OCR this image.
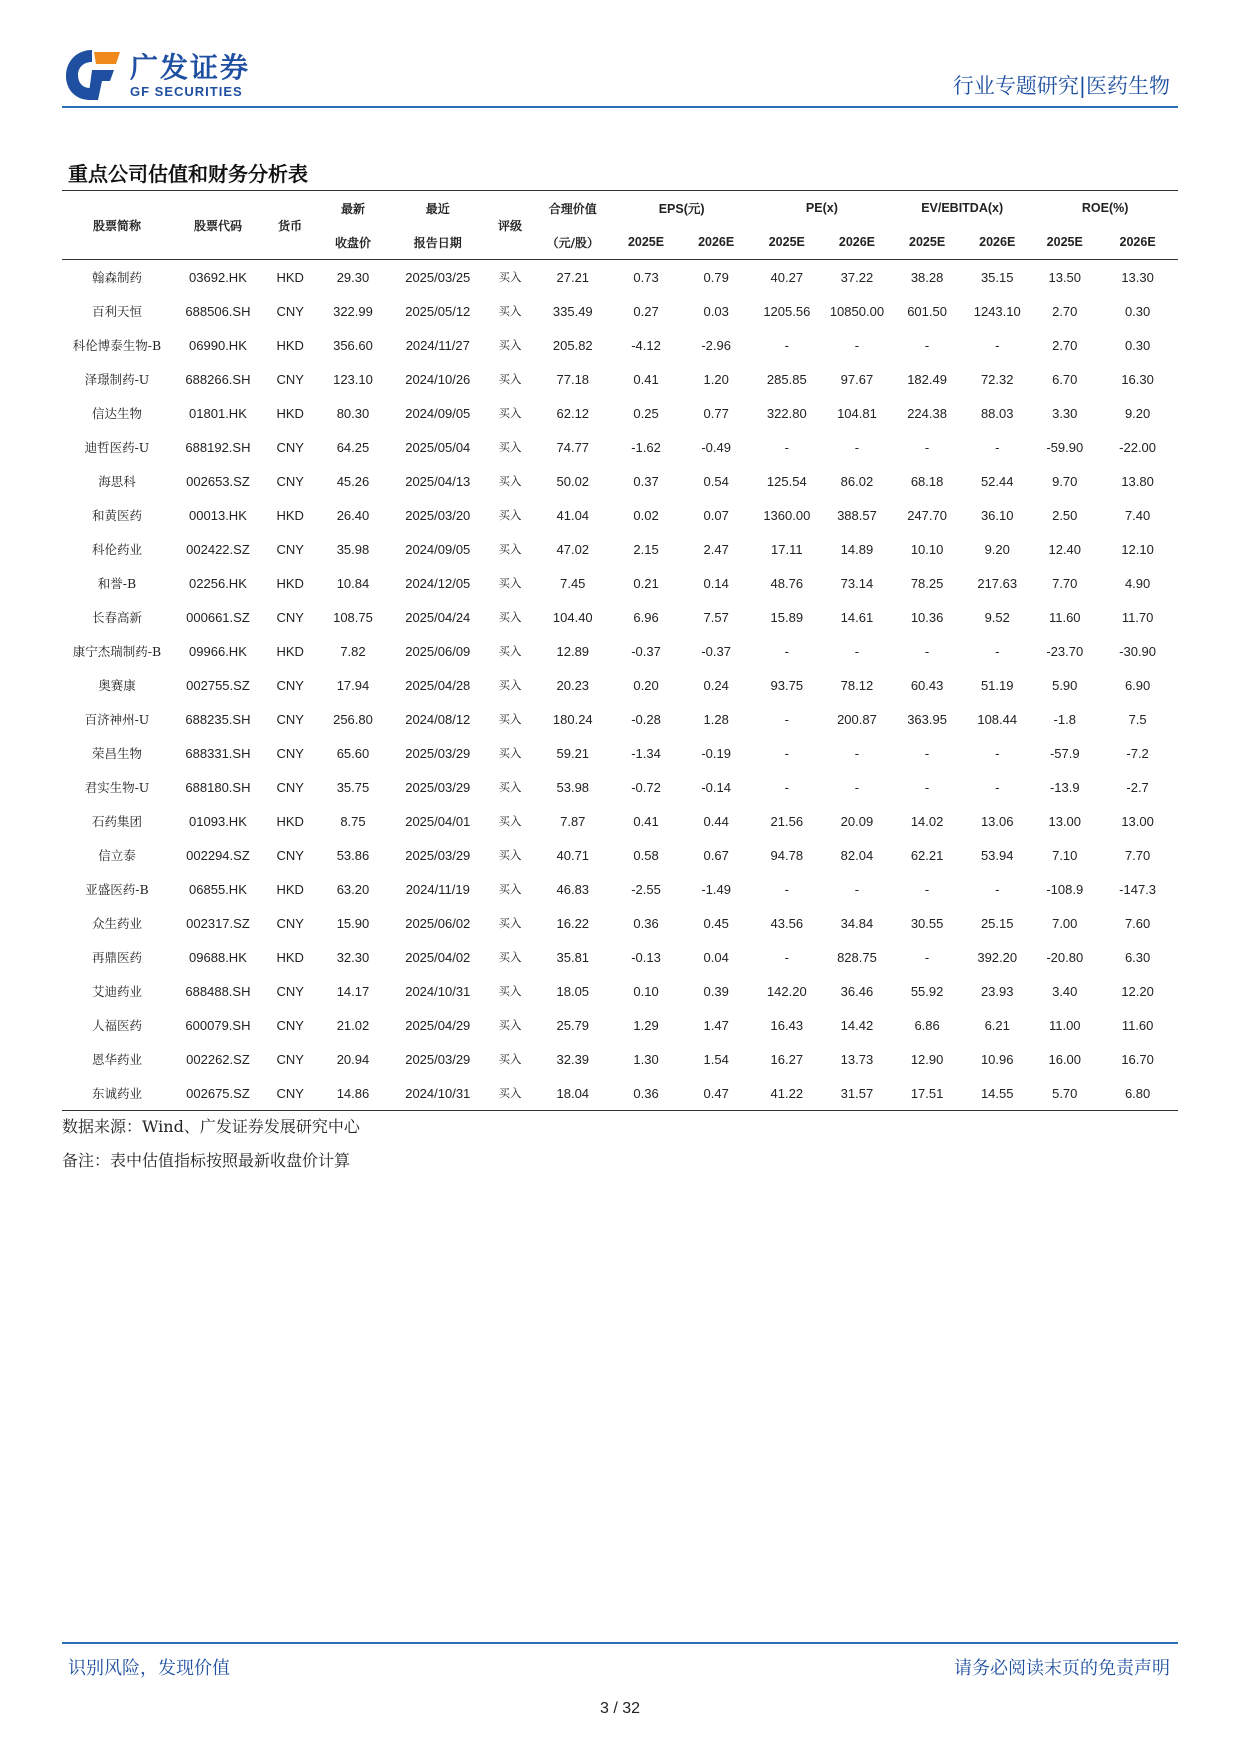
广发证券
GF SECURITIES	行业专题研究|医药生物
重点公司估值和财务分析表
股票简称	股票代码	货币	最新	最近	评级	合理价值	EPS(元)		PE(x)		EV/EBITDA(x)		ROE(%)	
			收盘价	报告日期		（元/股）	2025E	2026E	2025E	2026E	2025E	2026E	2025E	2026E
翰森制药	03692.HK	HKD	29.30	2025/03/25	买入	27.21	0.73	0.79	40.27	37.22	38.28	35.15	13.50	13.30
百利天恒	688506.SH	CNY	322.99	2025/05/12	买入	335.49	0.27	0.03	1205.56	10850.00	601.50	1243.10	2.70	0.30
科伦博泰生物-B	06990.HK	HKD	356.60	2024/11/27	买入	205.82	-4.12	-2.96	-	-	-	-	2.70	0.30
泽璟制药-U	688266.SH	CNY	123.10	2024/10/26	买入	77.18	0.41	1.20	285.85	97.67	182.49	72.32	6.70	16.30
信达生物	01801.HK	HKD	80.30	2024/09/05	买入	62.12	0.25	0.77	322.80	104.81	224.38	88.03	3.30	9.20
迪哲医药-U	688192.SH	CNY	64.25	2025/05/04	买入	74.77	-1.62	-0.49	-	-	-	-	-59.90	-22.00
海思科	002653.SZ	CNY	45.26	2025/04/13	买入	50.02	0.37	0.54	125.54	86.02	68.18	52.44	9.70	13.80
和黄医药	00013.HK	HKD	26.40	2025/03/20	买入	41.04	0.02	0.07	1360.00	388.57	247.70	36.10	2.50	7.40
科伦药业	002422.SZ	CNY	35.98	2024/09/05	买入	47.02	2.15	2.47	17.11	14.89	10.10	9.20	12.40	12.10
和誉-B	02256.HK	HKD	10.84	2024/12/05	买入	7.45	0.21	0.14	48.76	73.14	78.25	217.63	7.70	4.90
长春高新	000661.SZ	CNY	108.75	2025/04/24	买入	104.40	6.96	7.57	15.89	14.61	10.36	9.52	11.60	11.70
康宁杰瑞制药-B	09966.HK	HKD	7.82	2025/06/09	买入	12.89	-0.37	-0.37	-	-	-	-	-23.70	-30.90
奥赛康	002755.SZ	CNY	17.94	2025/04/28	买入	20.23	0.20	0.24	93.75	78.12	60.43	51.19	5.90	6.90
百济神州-U	688235.SH	CNY	256.80	2024/08/12	买入	180.24	-0.28	1.28	-	200.87	363.95	108.44	-1.8	7.5
荣昌生物	688331.SH	CNY	65.60	2025/03/29	买入	59.21	-1.34	-0.19	-	-	-	-	-57.9	-7.2
君实生物-U	688180.SH	CNY	35.75	2025/03/29	买入	53.98	-0.72	-0.14	-	-	-	-	-13.9	-2.7
石药集团	01093.HK	HKD	8.75	2025/04/01	买入	7.87	0.41	0.44	21.56	20.09	14.02	13.06	13.00	13.00
信立泰	002294.SZ	CNY	53.86	2025/03/29	买入	40.71	0.58	0.67	94.78	82.04	62.21	53.94	7.10	7.70
亚盛医药-B	06855.HK	HKD	63.20	2024/11/19	买入	46.83	-2.55	-1.49	-	-	-	-	-108.9	-147.3
众生药业	002317.SZ	CNY	15.90	2025/06/02	买入	16.22	0.36	0.45	43.56	34.84	30.55	25.15	7.00	7.60
再鼎医药	09688.HK	HKD	32.30	2025/04/02	买入	35.81	-0.13	0.04	-	828.75	-	392.20	-20.80	6.30
艾迪药业	688488.SH	CNY	14.17	2024/10/31	买入	18.05	0.10	0.39	142.20	36.46	55.92	23.93	3.40	12.20
人福医药	600079.SH	CNY	21.02	2025/04/29	买入	25.79	1.29	1.47	16.43	14.42	6.86	6.21	11.00	11.60
恩华药业	002262.SZ	CNY	20.94	2025/03/29	买入	32.39	1.30	1.54	16.27	13.73	12.90	10.96	16.00	16.70
东诚药业	002675.SZ	CNY	14.86	2024/10/31	买入	18.04	0.36	0.47	41.22	31.57	17.51	14.55	5.70	6.80
数据来源：Wind、广发证券发展研究中心
备注：表中估值指标按照最新收盘价计算
识别风险，发现价值	请务必阅读末页的免责声明
3 / 32
